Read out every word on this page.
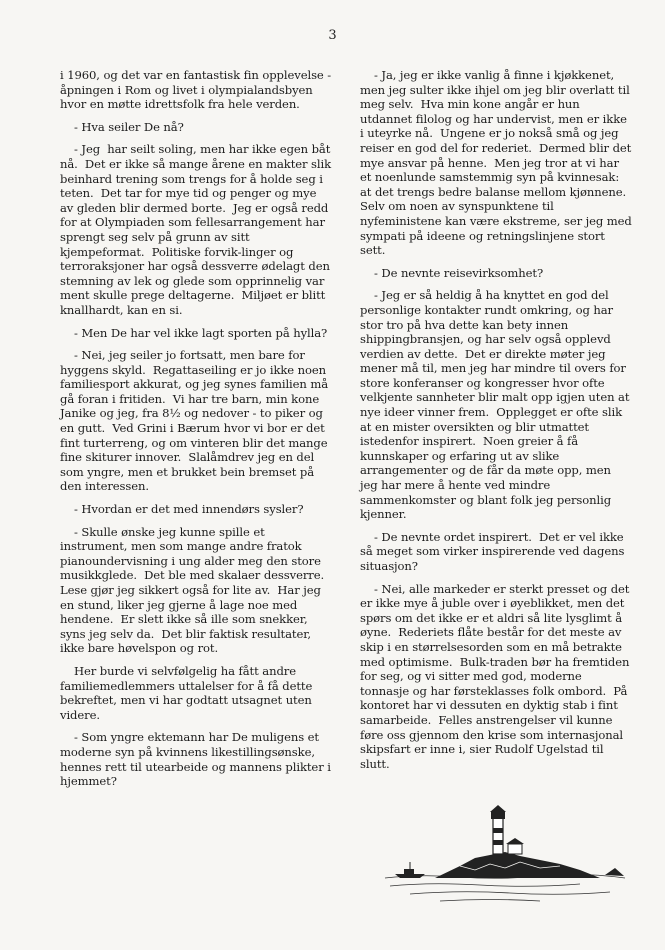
3

i 1960, og det var en fantastisk fin opplevelse - åpningen i Rom og livet i olympialandsbyen hvor en møtte idrettsfolk fra hele verden.

- Hva seiler De nå?

- Jeg  har seilt soling, men har ikke egen båt nå.  Det er ikke så mange årene en makter slik beinhard trening som trengs for å holde seg i teten.  Det tar for mye tid og penger og mye av gleden blir dermed borte.  Jeg er også redd for at Olympiaden som fellesarrangement har sprengt seg selv på grunn av sitt kjempeformat.  Politiske forvik-linger og terroraksjoner har også dessverre ødelagt den stemning av lek og glede som opprinnelig var ment skulle prege deltagerne.  Miljøet er blitt knallhardt, kan en si.

- Men De har vel ikke lagt sporten på hylla?

- Nei, jeg seiler jo fortsatt, men bare for hyggens skyld.  Regattaseiling er jo ikke noen familiesport akkurat, og jeg synes familien må gå foran i fritiden.  Vi har tre barn, min kone Janike og jeg, fra 8½ og nedover - to piker og en gutt.  Ved Grini i Bærum hvor vi bor er det fint turterreng, og om vinteren blir det mange fine skiturer innover.  Slalåmdrev jeg en del som yngre, men et brukket bein bremset på den interessen.

- Hvordan er det med innendørs sysler?

- Skulle ønske jeg kunne spille et instrument, men som mange andre fratok pianoundervisning i ung alder meg den store musikkglede.  Det ble med skalaer dessverre.  Lese gjør jeg sikkert også for lite av.  Har jeg en stund, liker jeg gjerne å lage noe med hendene.  Er slett ikke så ille som snekker, syns jeg selv da.  Det blir faktisk resultater, ikke bare høvelspon og rot.

Her burde vi selvfølgelig ha fått andre familiemedlemmers uttalelser for å få dette bekreftet, men vi har godtatt utsagnet uten videre.

- Som yngre ektemann har De muligens et moderne syn på kvinnens likestillingsønske, hennes rett til utearbeide og mannens plikter i hjemmet?

- Ja, jeg er ikke vanlig å finne i kjøkkenet, men jeg sulter ikke ihjel om jeg blir overlatt til meg selv.  Hva min kone angår er hun utdannet filolog og har undervist, men er ikke i uteyrke nå.  Ungene er jo nokså små og jeg reiser en god del for rederiet.  Dermed blir det mye ansvar på henne.  Men jeg tror at vi har et noenlunde samstemmig syn på kvinnesak: at det trengs bedre balanse mellom kjønnene.  Selv om noen av synspunktene til nyfeministene kan være ekstreme, ser jeg med sympati på ideene og retningslinjene stort sett.

- De nevnte reisevirksomhet?

- Jeg er så heldig å ha knyttet en god del personlige kontakter rundt omkring, og har stor tro på hva dette kan bety innen shippingbransjen, og har selv også opplevd  verdien av dette.  Det er direkte møter jeg mener må til, men jeg har mindre til overs for store konferanser og kongresser hvor ofte velkjente sannheter blir malt opp igjen uten at nye ideer vinner frem.  Opplegget er ofte slik at en mister oversikten og blir utmattet istedenfor inspirert.  Noen greier å få kunnskaper og erfaring ut av slike arrangementer og de får da møte opp, men jeg har mere å hente ved mindre sammenkomster og blant folk jeg personlig kjenner.

- De nevnte ordet inspirert.  Det er vel ikke så meget som virker inspirerende ved dagens situasjon?

- Nei, alle markeder er sterkt presset og det er ikke mye å juble over i øyeblikket, men det spørs om det ikke er et aldri så lite lysglimt å øyne.  Rederiets flåte består for det meste av skip i en størrelsesorden som en må betrakte med optimisme.  Bulk-traden bør ha fremtiden for seg, og vi sitter med god, moderne tonnasje og har førsteklasses folk ombord.  På kontoret har vi dessuten en dyktig stab i fint samarbeide.  Felles anstrengelser vil kunne føre oss gjennom den krise som internasjonal skipsfart er inne i, sier Rudolf Ugelstad til slutt.
